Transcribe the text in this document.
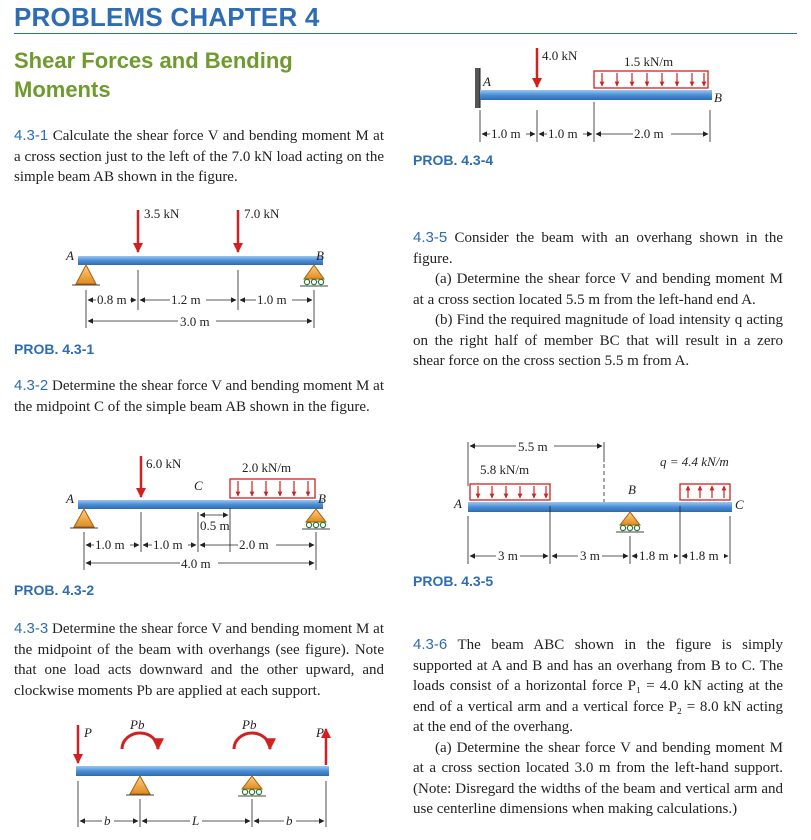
PROBLEMS CHAPTER 4
Shear Forces and Bending Moments
4.3-1 Calculate the shear force V and bending moment M at a cross section just to the left of the 7.0 kN load acting on the simple beam AB shown in the figure.
3.5 kN	7.0 kN
A	B
0.8 m	1.2 m	1.0 m
3.0 m
PROB. 4.3-1
4.3-2 Determine the shear force V and bending moment M at the midpoint C of the simple beam AB shown in the figure.
6.0 kN	2.0 kN/m
A
C
B
0.5 m
1.0 m 1.0 m	2.0 m
4.0 m
PROB. 4.3-2
4.3-3 Determine the shear force V and bending moment M at the midpoint of the beam with overhangs (see figure). Note that one load acts downward and the other upward, and clockwise moments Pb are applied at each support.
P	P
Pb	Pb
b	L	b
A
B
4.0 kN	1.5 kN/m
1.0 m 1.0 m	2.0 m
PROB. 4.3-4
4.3-5 Consider the beam with an overhang shown in the figure.
(a) Determine the shear force V and bending moment M at a cross section located 5.5 m from the left-hand end A.
(b) Find the required magnitude of load intensity q acting on the right half of member BC that will result in a zero shear force on the cross section 5.5 m from A.
5.5 m
5.8 kN/m
q = 4.4 kN/m
A
B
C
3 m	3 m	1.8 m 1.8 m
PROB. 4.3-5
4.3-6 The beam ABC shown in the figure is simply supported at A and B and has an overhang from B to C. The loads consist of a horizontal force P₁ = 4.0 kN acting at the end of a vertical arm and a vertical force P₂ = 8.0 kN acting at the end of the overhang.
(a) Determine the shear force V and bending moment M at a cross section located 3.0 m from the left-hand support. (Note: Disregard the widths of the beam and vertical arm and use centerline dimensions when making calculations.)
